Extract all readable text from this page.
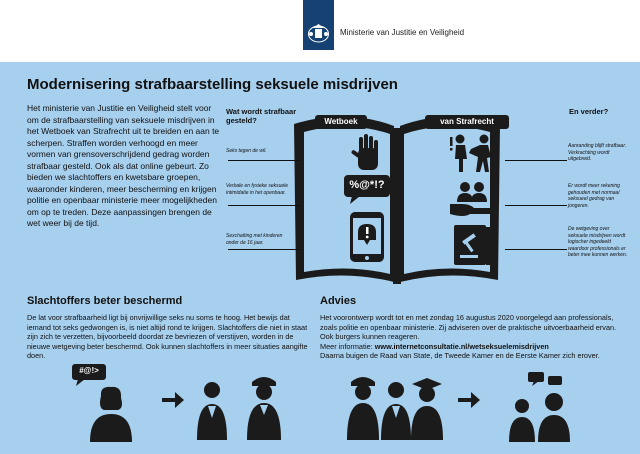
Ministerie van Justitie en Veiligheid
Modernisering strafbaarstelling seksuele misdrijven
Het ministerie van Justitie en Veiligheid stelt voor om de strafbaarstelling van seksuele misdrijven in het Wetboek van Strafrecht uit te breiden en aan te scherpen. Straffen worden verhoogd en meer vormen van grensoverschrijdend gedrag worden strafbaar gesteld. Ook als dat online gebeurt. Zo bieden we slachtoffers en kwetsbare groepen, waaronder kinderen, meer bescherming en krijgen politie en openbaar ministerie meer mogelijkheden om op te treden. Deze aanpassingen brengen de wet weer bij de tijd.
Wat wordt strafbaar gesteld?
En verder?
Wetboek	van Strafrecht
Seks tegen de wil.
Verbale en fysieke seksuele intimidatie in het openbaar.
Sexchatting met kinderen onder de 16 jaar.
Aanranding blijft strafbaar. Verkrachting wordt uitgebreid.
Er wordt meer rekening gehouden met normaal seksueel gedrag van jongeren.
De wetgeving over seksuele misdrijven wordt logischer ingedeeld waardoor professionals er beter mee kunnen werken.
%@*!?
Slachtoffers beter beschermd
De lat voor strafbaarheid ligt bij onvrijwillige seks nu soms te hoog. Het bewijs dat iemand tot seks gedwongen is, is niet altijd rond te krijgen. Slachtoffers die niet in staat zijn zich te verzetten, bijvoorbeeld doordat ze bevriezen of verstijven, worden in de nieuwe wetgeving beter beschermd. Ook kunnen slachtoffers in meer situaties aangifte doen.
#@!>
Advies
Het voorontwerp wordt tot en met zondag 16 augustus 2020 voorgelegd aan professionals, zoals politie en openbaar ministerie. Zij adviseren over de praktische uitvoerbaarheid ervan. Ook burgers kunnen reageren.
Meer informatie: www.internetconsultatie.nl/wetseksuelemisdrijven
Daarna buigen de Raad van State, de Tweede Kamer en de Eerste Kamer zich erover.
